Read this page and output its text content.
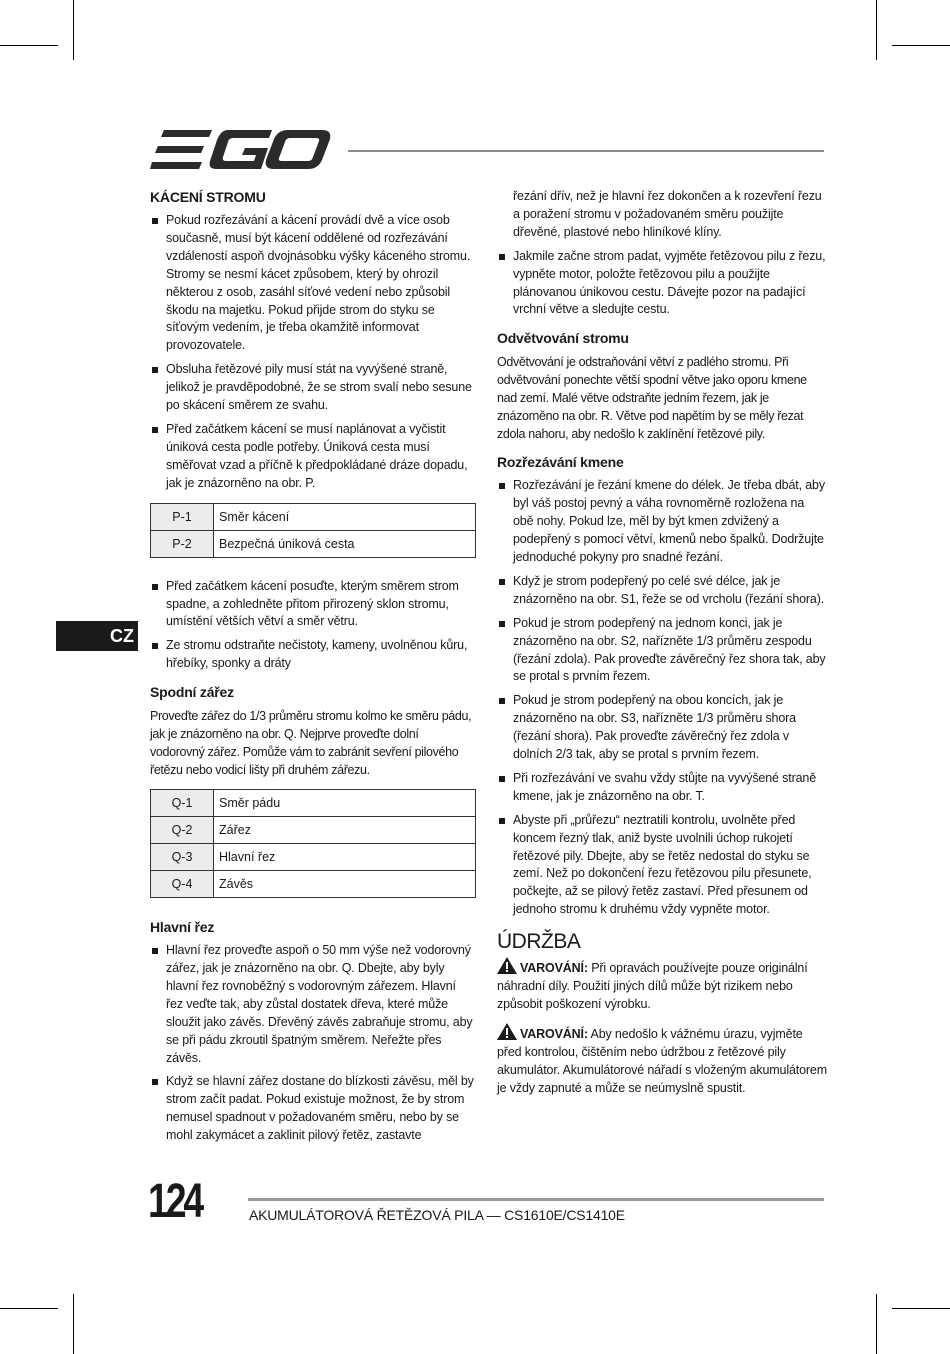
CZ
KÁCENÍ STROMU
Pokud rozřezávání a kácení provádí dvě a více osob současně, musí být kácení oddělené od rozřezávání vzdáleností aspoň dvojnásobku výšky káceného stromu. Stromy se nesmí kácet způsobem, který by ohrozil některou z osob, zasáhl síťové vedení nebo způsobil škodu na majetku. Pokud přijde strom do styku se síťovým vedením, je třeba okamžitě informovat provozovatele.
Obsluha řetězové pily musí stát na vyvýšené straně, jelikož je pravděpodobné, že se strom svalí nebo sesune po skácení směrem ze svahu.
Před začátkem kácení se musí naplánovat a vyčistit úniková cesta podle potřeby. Úniková cesta musí směřovat vzad a příčně k předpokládané dráze dopadu, jak je znázorněno na obr. P.
P-1	Směr kácení
P-2	Bezpečná úniková cesta
Před začátkem kácení posuďte, kterým směrem strom spadne, a zohledněte přitom přirozený sklon stromu, umístění větších větví a směr větru.
Ze stromu odstraňte nečistoty, kameny, uvolněnou kůru, hřebíky, sponky a dráty
Spodní zářez

Proveďte zářez do 1/3 průměru stromu kolmo ke směru pádu, jak je znázorněno na obr. Q. Nejprve proveďte dolní vodorovný zářez. Pomůže vám to zabránit sevření pilového řetězu nebo vodicí lišty při druhém zářezu.

Q-1	Směr pádu
Q-2	Zářez
Q-3	Hlavní řez
Q-4	Závěs
Hlavní řez
Hlavní řez proveďte aspoň o 50 mm výše než vodorovný zářez, jak je znázorněno na obr. Q. Dbejte, aby byly hlavní řez rovnoběžný s vodorovným zářezem. Hlavní řez veďte tak, aby zůstal dostatek dřeva, které může sloužit jako závěs. Dřevěný závěs zabraňuje stromu, aby se při pádu zkroutil špatným směrem. Neřežte přes závěs.
Když se hlavní zářez dostane do blízkosti závěsu, měl by strom začít padat. Pokud existuje možnost, že by strom nemusel spadnout v požadovaném směru, nebo by se mohl zakymácet a zaklinit pilový řetěz, zastavte
řezání dřív, než je hlavní řez dokončen a k rozevření řezu a poražení stromu v požadovaném směru použijte dřevěné, plastové nebo hliníkové klíny.
Jakmile začne strom padat, vyjměte řetězovou pilu z řezu, vypněte motor, položte řetězovou pilu a použijte plánovanou únikovou cestu. Dávejte pozor na padající vrchní větve a sledujte cestu.
Odvětvování stromu

Odvětvování je odstraňování větví z padlého stromu. Při odvětvování ponechte větší spodní větve jako oporu kmene nad zemí. Malé větve odstraňte jedním řezem, jak je znázorněno na obr. R. Větve pod napětím by se měly řezat zdola nahoru, aby nedošlo k zaklínění řetězové pily.

Rozřezávání kmene
Rozřezávání je řezání kmene do délek. Je třeba dbát, aby byl váš postoj pevný a váha rovnoměrně rozložena na obě nohy. Pokud lze, měl by být kmen zdvižený a podepřený s pomocí větví, kmenů nebo špalků. Dodržujte jednoduché pokyny pro snadné řezání.
Když je strom podepřený po celé své délce, jak je znázorněno na obr. S1, řeže se od vrcholu (řezání shora).
Pokud je strom podepřený na jednom konci, jak je znázorněno na obr. S2, nařízněte 1/3 průměru zespodu (řezání zdola). Pak proveďte závěrečný řez shora tak, aby se protal s prvním řezem.
Pokud je strom podepřený na obou koncích, jak je znázorněno na obr. S3, nařízněte 1/3 průměru shora (řezání shora). Pak proveďte závěrečný řez zdola v dolních 2/3 tak, aby se protal s prvním řezem.
Při rozřezávání ve svahu vždy stůjte na vyvýšené straně kmene, jak je znázorněno na obr. T.
Abyste při „průřezu“ neztratili kontrolu, uvolněte před koncem řezný tlak, aniž byste uvolnili úchop rukojetí řetězové pily. Dbejte, aby se řetěz nedostal do styku se zemí. Než po dokončení řezu řetězovou pilu přesunete, počkejte, až se pilový řetěz zastaví. Před přesunem od jednoho stromu k druhému vždy vypněte motor.
ÚDRŽBA

VAROVÁNÍ: Při opravách používejte pouze originální náhradní díly. Použití jiných dílů může být rizikem nebo způsobit poškození výrobku.

VAROVÁNÍ: Aby nedošlo k vážnému úrazu, vyjměte před kontrolou, čištěním nebo údržbou z řetězové pily akumulátor. Akumulátorové nářadí s vloženým akumulátorem je vždy zapnuté a může se neúmyslně spustit.

124	AKUMULÁTOROVÁ ŘETĚZOVÁ PILA — CS1610E/CS1410E
